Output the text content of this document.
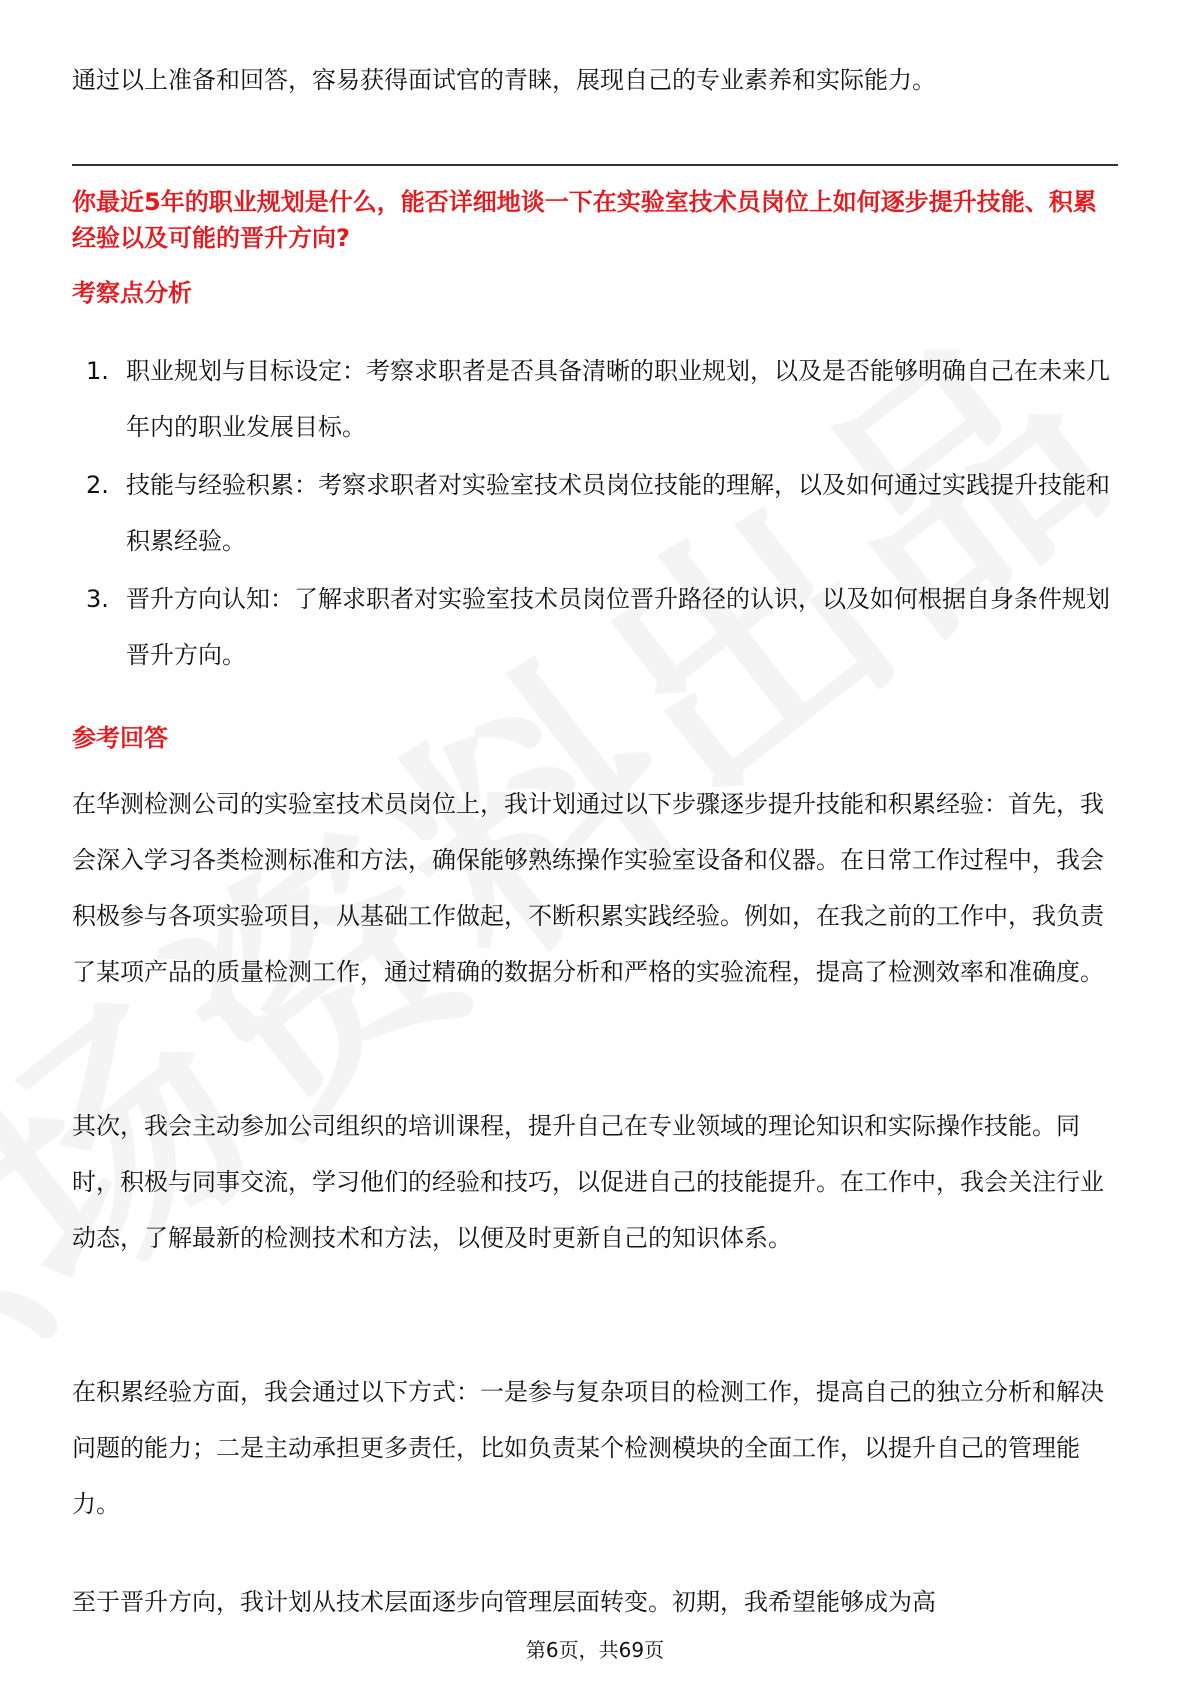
通过以上准备和回答，容易获得面试官的青睐，展现自己的专业素养和实际能力。

你最近5年的职业规划是什么，能否详细地谈一下在实验室技术员岗位上如何逐步提升技能、积累经验以及可能的晋升方向?

考察点分析

1. 职业规划与目标设定：考察求职者是否具备清晰的职业规划，以及是否能够明确自己在未来几年内的职业发展目标。
2. 技能与经验积累：考察求职者对实验室技术员岗位技能的理解，以及如何通过实践提升技能和积累经验。
3. 晋升方向认知：了解求职者对实验室技术员岗位晋升路径的认识，以及如何根据自身条件规划晋升方向。

参考回答

在华测检测公司的实验室技术员岗位上，我计划通过以下步骤逐步提升技能和积累经验：首先，我会深入学习各类检测标准和方法，确保能够熟练操作实验室设备和仪器。在日常工作过程中，我会积极参与各项实验项目，从基础工作做起，不断积累实践经验。例如，在我之前的工作中，我负责了某项产品的质量检测工作，通过精确的数据分析和严格的实验流程，提高了检测效率和准确度。

其次，我会主动参加公司组织的培训课程，提升自己在专业领域的理论知识和实际操作技能。同时，积极与同事交流，学习他们的经验和技巧，以促进自己的技能提升。在工作中，我会关注行业动态，了解最新的检测技术和方法，以便及时更新自己的知识体系。

在积累经验方面，我会通过以下方式：一是参与复杂项目的检测工作，提高自己的独立分析和解决问题的能力；二是主动承担更多责任，比如负责某个检测模块的全面工作，以提升自己的管理能力。

至于晋升方向，我计划从技术层面逐步向管理层面转变。初期，我希望能够成为高

第6页，共69页
